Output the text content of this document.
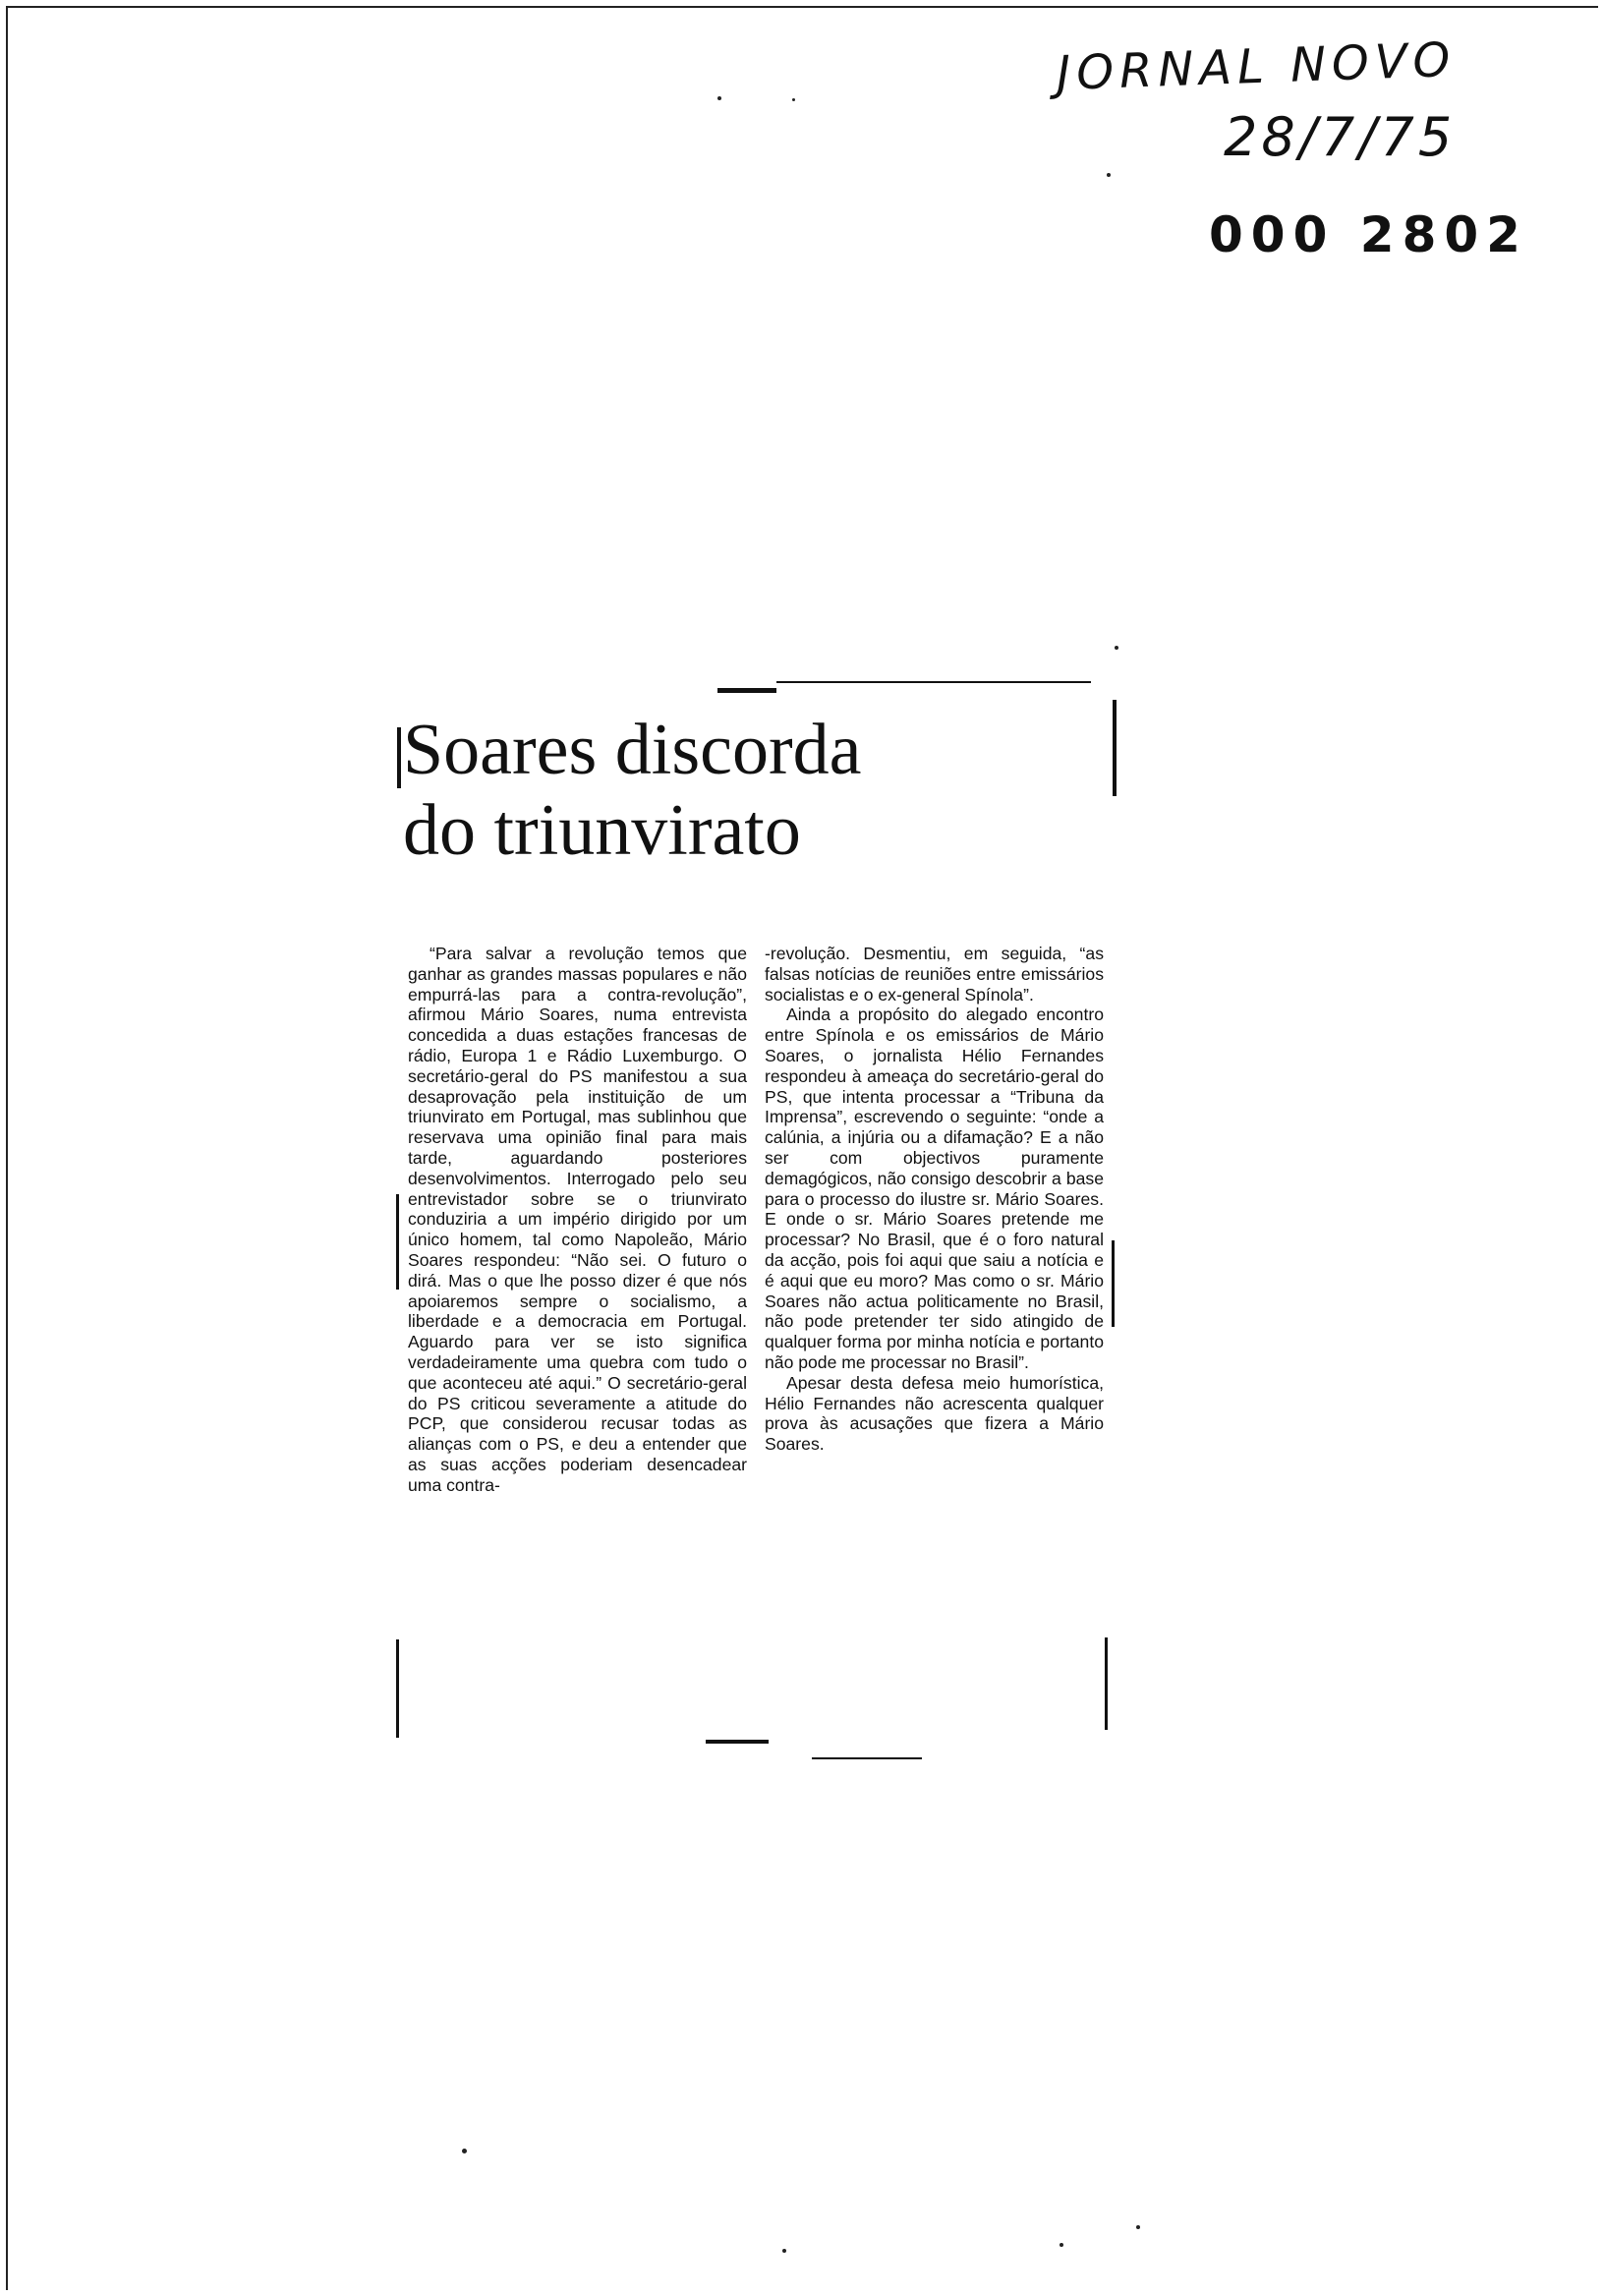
JORNAL NOVO
28/7/75
000 2802
Soares discorda
do triunvirato

“Para salvar a revolução temos que ganhar as grandes massas populares e não empurrá-las para a contra-revolução”, afirmou Mário Soares, numa entrevista concedida a duas estações francesas de rádio, Europa 1 e Rádio Luxemburgo. O secretário-geral do PS manifestou a sua desaprovação pela instituição de um triunvirato em Portugal, mas sublinhou que reservava uma opinião final para mais tarde, aguardando posteriores desenvolvimentos. Interrogado pelo seu entrevistador sobre se o triunvirato conduziria a um império dirigido por um único homem, tal como Napoleão, Mário Soares respondeu: “Não sei. O futuro o dirá. Mas o que lhe posso dizer é que nós apoiaremos sempre o socialismo, a liberdade e a democracia em Portugal. Aguardo para ver se isto significa verdadeiramente uma quebra com tudo o que aconteceu até aqui.” O secretário-geral do PS criticou severamente a atitude do PCP, que considerou recusar todas as alianças com o PS, e deu a entender que as suas acções poderiam desencadear uma contra-

-revolução. Desmentiu, em seguida, “as falsas notícias de reuniões entre emissários socialistas e o ex-general Spínola”.

Ainda a propósito do alegado encontro entre Spínola e os emissários de Mário Soares, o jornalista Hélio Fernandes respondeu à ameaça do secretário-geral do PS, que intenta processar a “Tribuna da Imprensa”, escrevendo o seguinte: “onde a calúnia, a injúria ou a difamação? E a não ser com objectivos puramente demagógicos, não consigo descobrir a base para o processo do ilustre sr. Mário Soares. E onde o sr. Mário Soares pretende me processar? No Brasil, que é o foro natural da acção, pois foi aqui que saiu a notícia e é aqui que eu moro? Mas como o sr. Mário Soares não actua politicamente no Brasil, não pode pretender ter sido atingido de qualquer forma por minha notícia e portanto não pode me processar no Brasil”.

Apesar desta defesa meio humorística, Hélio Fernandes não acrescenta qualquer prova às acusações que fizera a Mário Soares.
